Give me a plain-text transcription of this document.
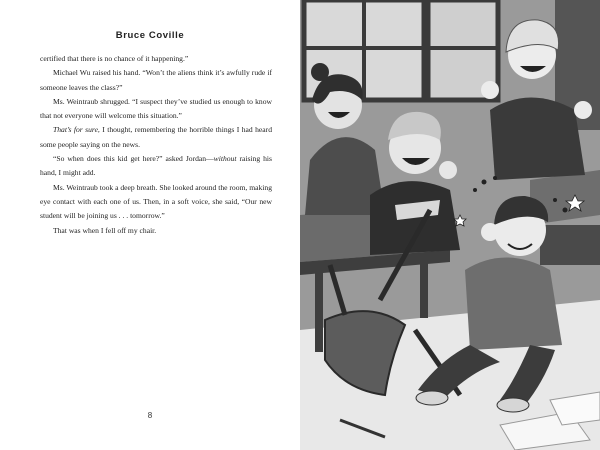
Bruce Coville

certified that there is no chance of it happening.”

Michael Wu raised his hand. “Won’t the aliens think it’s awfully rude if someone leaves the class?”

Ms. Weintraub shrugged. “I suspect they’ve studied us enough to know that not everyone will welcome this situation.”

That’s for sure, I thought, remembering the horrible things I had heard some people saying on the news.

“So when does this kid get here?” asked Jordan—without raising his hand, I might add.

Ms. Weintraub took a deep breath. She looked around the room, making eye contact with each one of us. Then, in a soft voice, she said, “Our new student will be joining us . . . tomorrow.”

That was when I fell off my chair.

8
